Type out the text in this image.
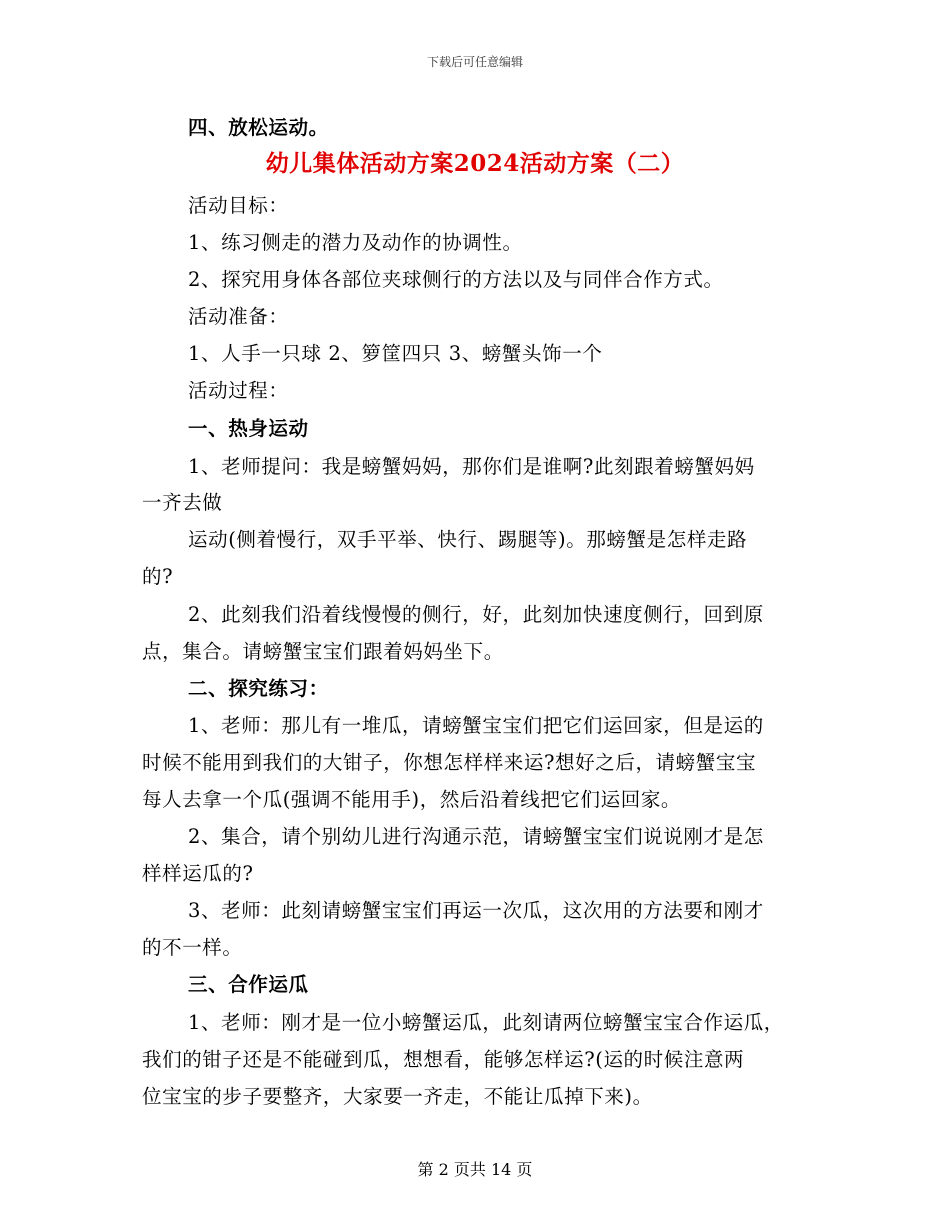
下载后可任意编辑
四、放松运动。
幼儿集体活动方案2024活动方案（二）
活动目标：
1、练习侧走的潜力及动作的协调性。
2、探究用身体各部位夹球侧行的方法以及与同伴合作方式。
活动准备：
1、人手一只球 2、箩筐四只 3、螃蟹头饰一个
活动过程：
一、热身运动
1、老师提问：我是螃蟹妈妈，那你们是谁啊?此刻跟着螃蟹妈妈
一齐去做
运动(侧着慢行，双手平举、快行、踢腿等)。那螃蟹是怎样走路
的?
2、此刻我们沿着线慢慢的侧行，好，此刻加快速度侧行，回到原
点，集合。请螃蟹宝宝们跟着妈妈坐下。
二、探究练习：
1、老师：那儿有一堆瓜，请螃蟹宝宝们把它们运回家，但是运的
时候不能用到我们的大钳子，你想怎样样来运?想好之后，请螃蟹宝宝
每人去拿一个瓜(强调不能用手)，然后沿着线把它们运回家。
2、集合，请个别幼儿进行沟通示范，请螃蟹宝宝们说说刚才是怎
样样运瓜的?
3、老师：此刻请螃蟹宝宝们再运一次瓜，这次用的方法要和刚才
的不一样。
三、合作运瓜
1、老师：刚才是一位小螃蟹运瓜，此刻请两位螃蟹宝宝合作运瓜，
我们的钳子还是不能碰到瓜，想想看，能够怎样运?(运的时候注意两
位宝宝的步子要整齐，大家要一齐走，不能让瓜掉下来)。
第 2 页共 14 页
